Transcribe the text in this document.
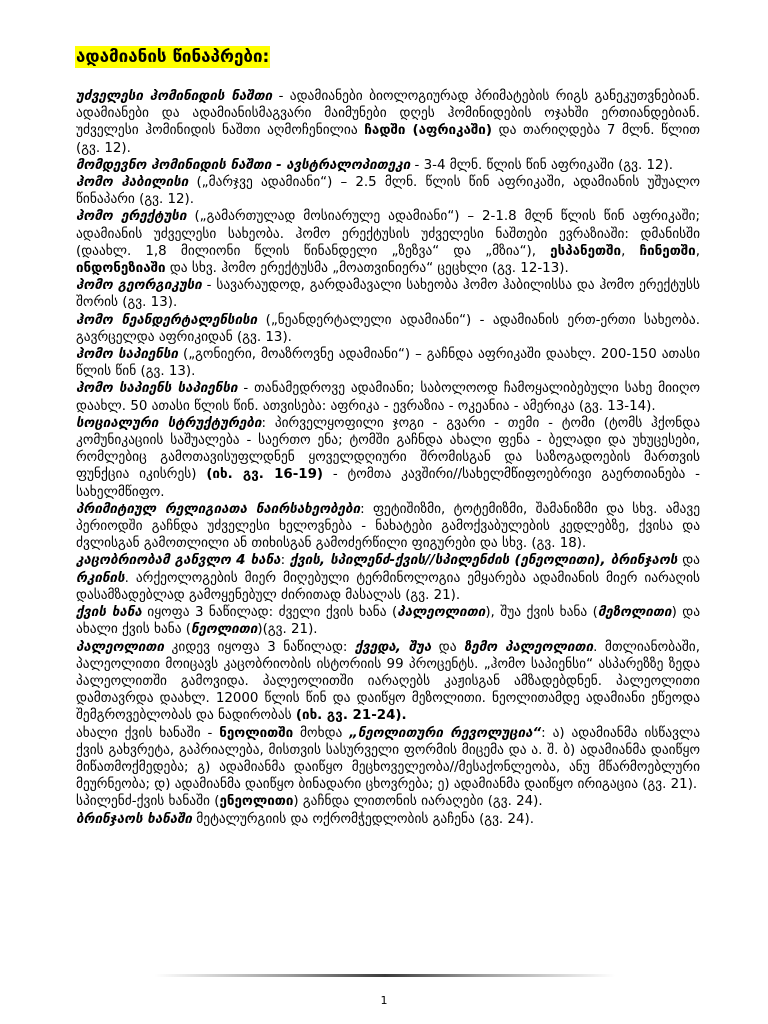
ადამიანის წინაპრები:
უძველესი ჰომინიდის ნაშთი - ადამიანები ბიოლოგიურად პრიმატების რიგს განეკუთვნებიან. ადამიანები და ადამიანისმაგვარი მაიმუნები დღეს ჰომინიდების ოჯახში ერთიანდებიან. უძველესი ჰომინიდის ნაშთი აღმოჩენილია ჩადში (აფრიკაში) და თარიღდება 7 მლნ. წლით (გვ. 12).
მომდევნო ჰომინიდის ნაშთი - ავსტრალოპითეკი - 3-4 მლნ. წლის წინ აფრიკაში (გვ. 12).
ჰომო ჰაბილისი („მარჯვე ადამიანი“) – 2.5 მლნ. წლის წინ აფრიკაში, ადამიანის უშუალო წინაპარი (გვ. 12).
ჰომო ერექტუსი („გამართულად მოსიარულე ადამიანი“) – 2-1.8 მლნ წლის წინ აფრიკაში; ადამიანის უძველესი სახეობა. ჰომო ერექტუსის უძველესი ნაშთები ევრაზიაში: დმანისში (დაახლ. 1,8 მილიონი წლის წინანდელი „ზეზვა“ და „მზია“), ესპანეთში, ჩინეთში, ინდონეზიაში და სხვ. ჰომო ერექტუსმა „მოათვინიერა“ ცეცხლი (გვ. 12-13).
ჰომო გეორგიკუსი - სავარაუდოდ, გარდამავალი სახეობა ჰომო ჰაბილისსა და ჰომო ერექტუსს შორის (გვ. 13).
ჰომო ნეანდერტალენსისი („ნეანდერტალელი ადამიანი“) - ადამიანის ერთ-ერთი სახეობა. გავრცელდა აფრიკიდან (გვ. 13).
ჰომო საპიენსი („გონიერი, მოაზროვნე ადამიანი“) – გაჩნდა აფრიკაში დაახლ. 200-150 ათასი წლის წინ (გვ. 13).
ჰომო საპიენს საპიენსი - თანამედროვე ადამიანი; საბოლოოდ ჩამოყალიბებული სახე მიიღო დაახლ. 50 ათასი წლის წინ. ათვისება: აფრიკა - ევრაზია - ოკეანია - ამერიკა (გვ. 13-14).
სოციალური სტრუქტურები: პირველყოფილი ჯოგი - გვარი - თემი - ტომი (ტომს ჰქონდა კომუნიკაციის საშუალება - საერთო ენა; ტომში გაჩნდა ახალი ფენა - ბელადი და უხუცესები, რომლებიც გამოთავისუფლდნენ ყოველდღიური შრომისგან და საზოგადოების მართვის ფუნქცია იკისრეს) (იხ. გვ. 16-19) - ტომთა კავშირი//სახელმწიფოებრივი გაერთიანება - სახელმწიფო.
პრიმიტიულ რელიგიათა ნაირსახეობები: ფეტიშიზმი, ტოტემიზმი, შამანიზმი და სხვ. ამავე პერიოდში გაჩნდა უძველესი ხელოვნება - ნახატები გამოქვაბულების კედლებზე, ქვისა და ძვლისგან გამოთლილი ან თიხისგან გამოძერწილი ფიგურები და სხვ. (გვ. 18).
კაცობრიობამ განვლო 4 ხანა: ქვის, სპილენძ-ქვის//სპილენძის (ენეოლითი), ბრინჯაოს და რკინის. არქეოლოგების მიერ მიღებული ტერმინოლოგია ემყარება ადამიანის მიერ იარაღის დასამზადებლად გამოყენებულ ძირითად მასალას (გვ. 21).
ქვის ხანა იყოფა 3 ნაწილად: ძველი ქვის ხანა (პალეოლითი), შუა ქვის ხანა (მეზოლითი) და ახალი ქვის ხანა (ნეოლითი)(გვ. 21).
პალეოლითი კიდევ იყოფა 3 ნაწილად: ქვედა, შუა და ზემო პალეოლითი. მთლიანობაში, პალეოლითი მოიცავს კაცობრიობის ისტორიის 99 პროცენტს. „ჰომო საპიენსი“ ასპარეზზე ზედა პალეოლითში გამოვიდა. პალეოლითში იარაღებს კაჟისგან ამზადებდნენ. პალეოლითი დამთავრდა დაახლ. 12000 წლის წინ და დაიწყო მეზოლითი. ნეოლითამდე ადამიანი ეწეოდა შემგროვებლობას და ნადირობას (იხ. გვ. 21-24).
ახალი ქვის ხანაში - ნეოლითში მოხდა „ნეოლითური რევოლუცია“: ა) ადამიანმა ისწავლა ქვის გახვრეტა, გაპრიალება, მისთვის სასურველი ფორმის მიცემა და ა. შ. ბ) ადამიანმა დაიწყო მიწათმოქმედება; გ) ადამიანმა დაიწყო მეცხოველეობა//მესაქონლეობა, ანუ მწარმოებლური მეურნეობა; დ) ადამიანმა დაიწყო ბინადარი ცხოვრება; ე) ადამიანმა დაიწყო ირიგაცია (გვ. 21).
სპილენძ-ქვის ხანაში (ენეოლითი) გაჩნდა ლითონის იარაღები (გვ. 24).
ბრინჯაოს ხანაში მეტალურგიის და ოქრომჭედლობის გაჩენა (გვ. 24).
1
